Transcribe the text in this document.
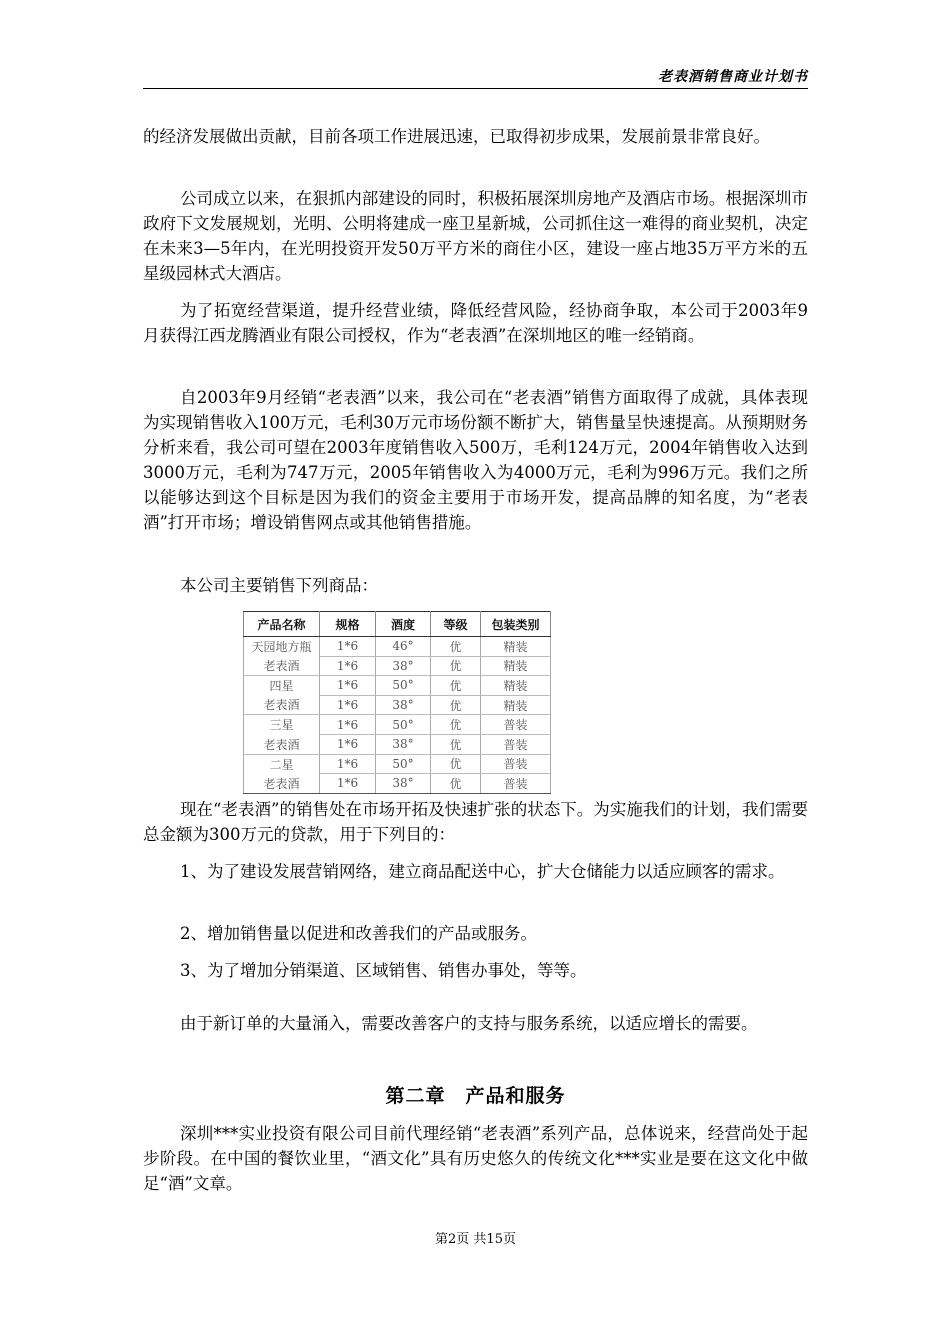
老表酒销售商业计划书

的经济发展做出贡献，目前各项工作进展迅速，已取得初步成果，发展前景非常良好。

公司成立以来，在狠抓内部建设的同时，积极拓展深圳房地产及酒店市场。根据深圳市政府下文发展规划，光明、公明将建成一座卫星新城，公司抓住这一难得的商业契机，决定在未来3—5年内，在光明投资开发50万平方米的商住小区，建设一座占地35万平方米的五星级园林式大酒店。

为了拓宽经营渠道，提升经营业绩，降低经营风险，经协商争取，本公司于2003年9月获得江西龙腾酒业有限公司授权，作为“老表酒”在深圳地区的唯一经销商。

自2003年9月经销“老表酒”以来，我公司在“老表酒”销售方面取得了成就，具体表现为实现销售收入100万元，毛利30万元市场份额不断扩大，销售量呈快速提高。从预期财务分析来看，我公司可望在2003年度销售收入500万，毛利124万元，2004年销售收入达到3000万元，毛利为747万元，2005年销售收入为4000万元，毛利为996万元。我们之所以能够达到这个目标是因为我们的资金主要用于市场开发，提高品牌的知名度，为“老表酒”打开市场；增设销售网点或其他销售措施。

本公司主要销售下列商品：

产品名称	规格	酒度	等级	包装类别
天园地方瓶	1*6	46°	优	精装
老表酒	1*6	38°	优	精装
四星	1*6	50°	优	精装
老表酒	1*6	38°	优	精装
三星	1*6	50°	优	普装
老表酒	1*6	38°	优	普装
二星	1*6	50°	优	普装
老表酒	1*6	38°	优	普装

现在“老表酒”的销售处在市场开拓及快速扩张的状态下。为实施我们的计划，我们需要总金额为300万元的贷款，用于下列目的：

1、为了建设发展营销网络，建立商品配送中心，扩大仓储能力以适应顾客的需求。

2、增加销售量以促进和改善我们的产品或服务。

3、为了增加分销渠道、区域销售、销售办事处，等等。

由于新订单的大量涌入，需要改善客户的支持与服务系统，以适应增长的需要。

第二章　产品和服务

深圳***实业投资有限公司目前代理经销“老表酒”系列产品，总体说来，经营尚处于起步阶段。在中国的餐饮业里，“酒文化”具有历史悠久的传统文化***实业是要在这文化中做足“酒”文章。

第2页 共15页
